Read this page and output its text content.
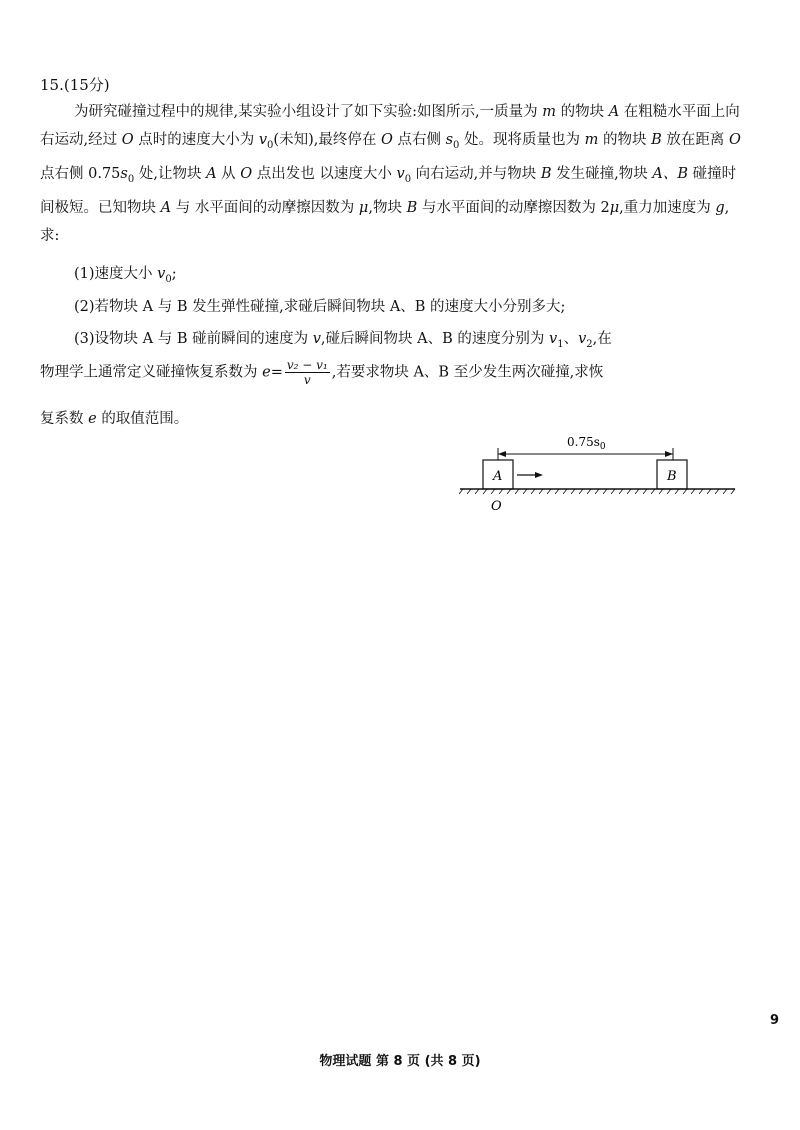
15.(15分)
为研究碰撞过程中的规律,某实验小组设计了如下实验:如图所示,一质量为 m 的物块 A 在粗糙水平面上向右运动,经过 O 点时的速度大小为 $v_0$(未知),最终停在 O 点右侧 $s_0$ 处。现将质量也为 m 的物块 B 放在距离 O 点右侧 $0.75s_0$ 处,让物块 A 从 O 点出发也 以速度大小 $v_0$ 向右运动,并与物块 B 发生碰撞,物块 A、B 碰撞时间极短。已知物块 A 与 水平面间的动摩擦因数为 μ,物块 B 与水平面间的动摩擦因数为 2μ,重力加速度为 g,求:
(1)速度大小 $v_0$;
(2)若物块 A 与 B 发生弹性碰撞,求碰后瞬间物块 A、B 的速度大小分别多大;
(3)设物块 A 与 B 碰前瞬间的速度为 v,碰后瞬间物块 A、B 的速度分别为 $v_1$、$v_2$,在
物理学上通常定义碰撞恢复系数为 $e= \frac{\text{v₂ − v₁}}{v}$ ,若要求物块 A、B 至少发生两次碰撞,求恢
复系数 e 的取值范围。
$0.75s_0$
A	B
O
9
物理试题 第 8 页 (共 8 页)
